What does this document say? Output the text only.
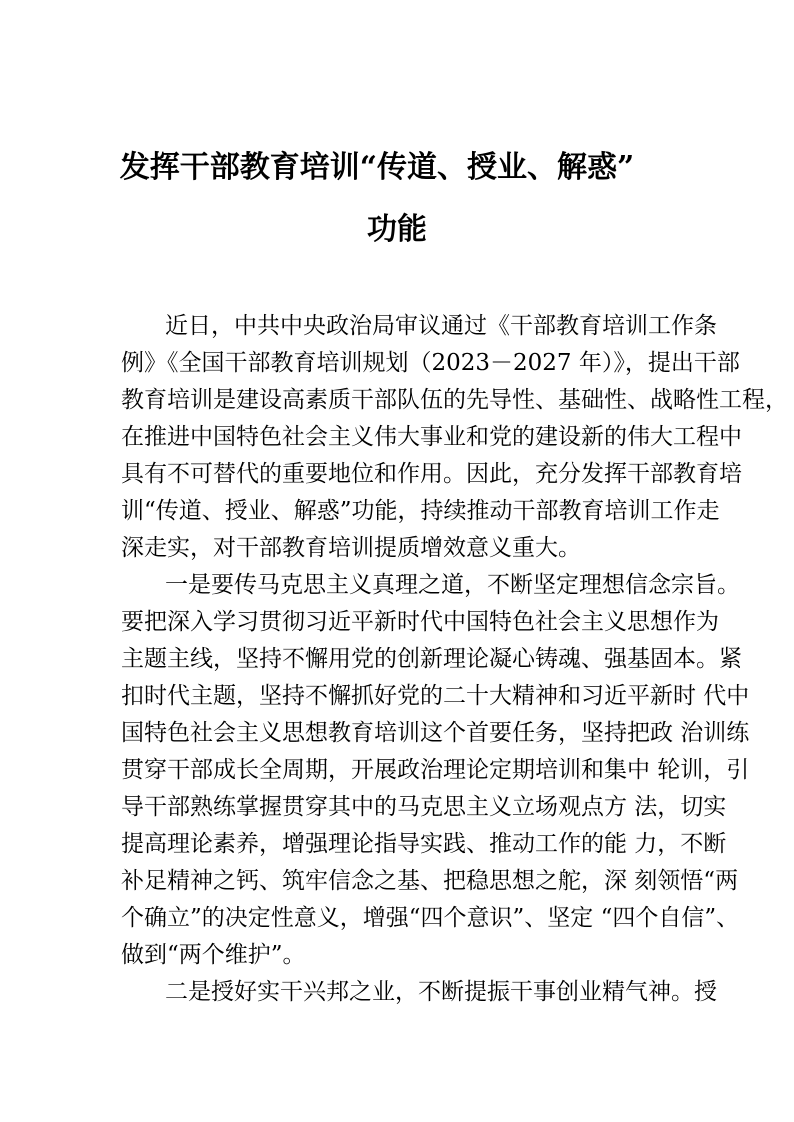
发挥干部教育培训“传道、授业、解惑”
功能
近日，中共中央政治局审议通过《干部教育培训工作条
例》《全国干部教育培训规划（2023－2027 年）》，提出干部
教育培训是建设高素质干部队伍的先导性、基础性、战略性工程，
在推进中国特色社会主义伟大事业和党的建设新的伟大工程中
具有不可替代的重要地位和作用。因此，充分发挥干部教育培
训“传道、授业、解惑”功能，持续推动干部教育培训工作走
深走实，对干部教育培训提质增效意义重大。
一是要传马克思主义真理之道，不断坚定理想信念宗旨。
要把深入学习贯彻习近平新时代中国特色社会主义思想作为
主题主线，坚持不懈用党的创新理论凝心铸魂、强基固本。紧
扣时代主题，坚持不懈抓好党的二十大精神和习近平新时 代中
国特色社会主义思想教育培训这个首要任务，坚持把政 治训练
贯穿干部成长全周期，开展政治理论定期培训和集中 轮训，引
导干部熟练掌握贯穿其中的马克思主义立场观点方 法，切实
提高理论素养，增强理论指导实践、推动工作的能 力，不断
补足精神之钙、筑牢信念之基、把稳思想之舵，深 刻领悟“两
个确立”的决定性意义，增强“四个意识”、坚定 “四个自信”、
做到“两个维护”。
二是授好实干兴邦之业，不断提振干事创业精气神。授
